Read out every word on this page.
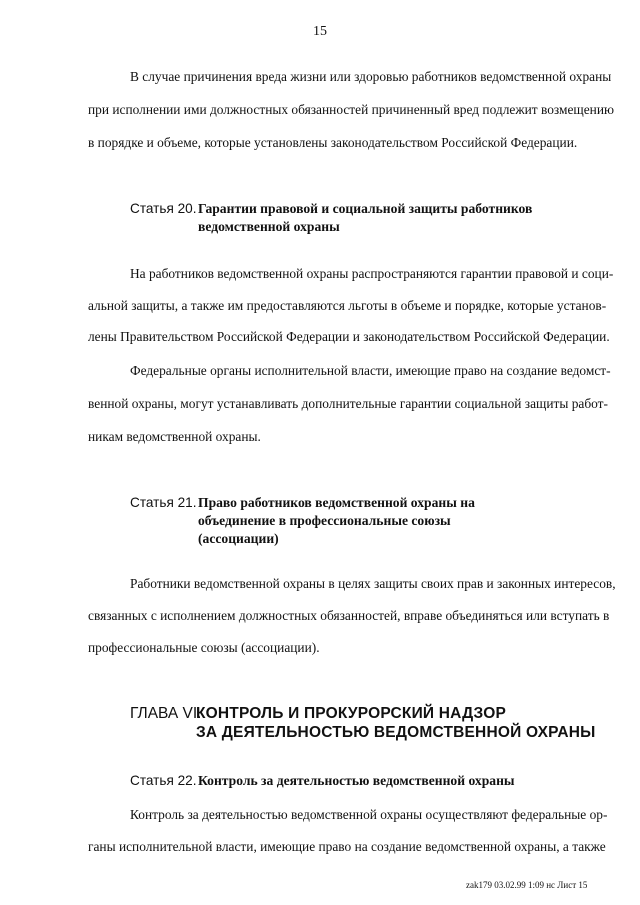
15
В случае причинения вреда жизни или здоровью работников ведомственной охраны
при исполнении ими должностных обязанностей причиненный вред подлежит возмещению
в порядке и объеме, которые установлены законодательством Российской Федерации.
Статья 20. Гарантии правовой и социальной защиты работников
ведомственной охраны
На работников ведомственной охраны распространяются гарантии правовой и соци-
альной защиты, а также им предоставляются льготы в объеме и порядке, которые установ-
лены Правительством Российской Федерации и законодательством Российской Федерации.
Федеральные органы исполнительной власти, имеющие право на создание ведомст-
венной охраны, могут устанавливать дополнительные гарантии социальной защиты работ-
никам ведомственной охраны.
Статья 21. Право работников ведомственной охраны на
объединение в профессиональные союзы
(ассоциации)
Работники ведомственной охраны в целях защиты своих прав и законных интересов,
связанных с исполнением должностных обязанностей, вправе объединяться или вступать в
профессиональные союзы (ассоциации).
ГЛАВА VI.
КОНТРОЛЬ И ПРОКУРОРСКИЙ НАДЗОР
ЗА ДЕЯТЕЛЬНОСТЬЮ ВЕДОМСТВЕННОЙ ОХРАНЫ
Статья 22. Контроль за деятельностью ведомственной охраны
Контроль за деятельностью ведомственной охраны осуществляют федеральные ор-
ганы исполнительной власти, имеющие право на создание ведомственной охраны, а также
zak179 03.02.99 1:09 нс Лист 15
